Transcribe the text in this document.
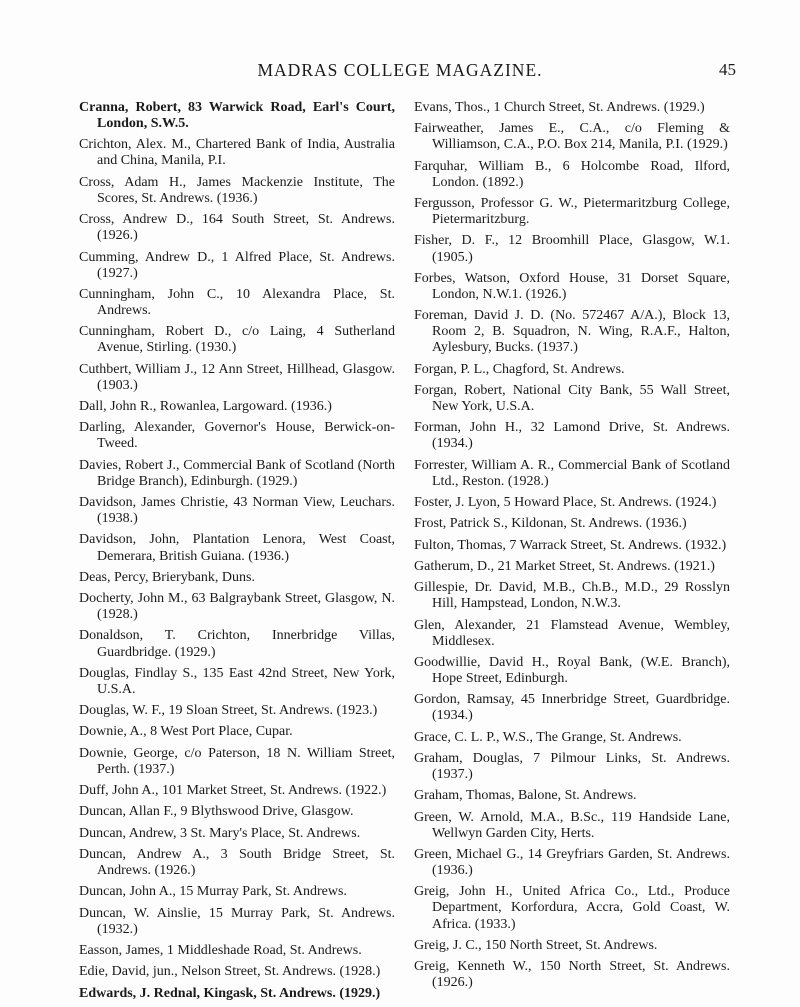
MADRAS COLLEGE MAGAZINE.	45

Cranna, Robert, 83 Warwick Road, Earl's Court, London, S.W.5.

Crichton, Alex. M., Chartered Bank of India, Australia and China, Manila, P.I.

Cross, Adam H., James Mackenzie Institute, The Scores, St. Andrews. (1936.)

Cross, Andrew D., 164 South Street, St. Andrews. (1926.)

Cumming, Andrew D., 1 Alfred Place, St. Andrews. (1927.)

Cunningham, John C., 10 Alexandra Place, St. Andrews.

Cunningham, Robert D., c/o Laing, 4 Sutherland Avenue, Stirling. (1930.)

Cuthbert, William J., 12 Ann Street, Hillhead, Glasgow. (1903.)

Dall, John R., Rowanlea, Largoward. (1936.)

Darling, Alexander, Governor's House, Berwick-on-Tweed.

Davies, Robert J., Commercial Bank of Scotland (North Bridge Branch), Edinburgh. (1929.)

Davidson, James Christie, 43 Norman View, Leuchars. (1938.)

Davidson, John, Plantation Lenora, West Coast, Demerara, British Guiana. (1936.)

Deas, Percy, Brierybank, Duns.

Docherty, John M., 63 Balgraybank Street, Glasgow, N. (1928.)

Donaldson, T. Crichton, Innerbridge Villas, Guardbridge. (1929.)

Douglas, Findlay S., 135 East 42nd Street, New York, U.S.A.

Douglas, W. F., 19 Sloan Street, St. Andrews. (1923.)

Downie, A., 8 West Port Place, Cupar.

Downie, George, c/o Paterson, 18 N. William Street, Perth. (1937.)

Duff, John A., 101 Market Street, St. Andrews. (1922.)

Duncan, Allan F., 9 Blythswood Drive, Glasgow.

Duncan, Andrew, 3 St. Mary's Place, St. Andrews.

Duncan, Andrew A., 3 South Bridge Street, St. Andrews. (1926.)

Duncan, John A., 15 Murray Park, St. Andrews.

Duncan, W. Ainslie, 15 Murray Park, St. Andrews. (1932.)

Easson, James, 1 Middleshade Road, St. Andrews.

Edie, David, jun., Nelson Street, St. Andrews. (1928.)

Edwards, J. Rednal, Kingask, St. Andrews. (1929.)

Evans, Thos., 1 Church Street, St. Andrews. (1929.)

Fairweather, James E., C.A., c/o Fleming & Williamson, C.A., P.O. Box 214, Manila, P.I. (1929.)

Farquhar, William B., 6 Holcombe Road, Ilford, London. (1892.)

Fergusson, Professor G. W., Pietermaritzburg College, Pietermaritzburg.

Fisher, D. F., 12 Broomhill Place, Glasgow, W.1. (1905.)

Forbes, Watson, Oxford House, 31 Dorset Square, London, N.W.1. (1926.)

Foreman, David J. D. (No. 572467 A/A.), Block 13, Room 2, B. Squadron, N. Wing, R.A.F., Halton, Aylesbury, Bucks. (1937.)

Forgan, P. L., Chagford, St. Andrews.

Forgan, Robert, National City Bank, 55 Wall Street, New York, U.S.A.

Forman, John H., 32 Lamond Drive, St. Andrews. (1934.)

Forrester, William A. R., Commercial Bank of Scotland Ltd., Reston. (1928.)

Foster, J. Lyon, 5 Howard Place, St. Andrews. (1924.)

Frost, Patrick S., Kildonan, St. Andrews. (1936.)

Fulton, Thomas, 7 Warrack Street, St. Andrews. (1932.)

Gatherum, D., 21 Market Street, St. Andrews. (1921.)

Gillespie, Dr. David, M.B., Ch.B., M.D., 29 Rosslyn Hill, Hampstead, London, N.W.3.

Glen, Alexander, 21 Flamstead Avenue, Wembley, Middlesex.

Goodwillie, David H., Royal Bank, (W.E. Branch), Hope Street, Edinburgh.

Gordon, Ramsay, 45 Innerbridge Street, Guardbridge. (1934.)

Grace, C. L. P., W.S., The Grange, St. Andrews.

Graham, Douglas, 7 Pilmour Links, St. Andrews. (1937.)

Graham, Thomas, Balone, St. Andrews.

Green, W. Arnold, M.A., B.Sc., 119 Handside Lane, Wellwyn Garden City, Herts.

Green, Michael G., 14 Greyfriars Garden, St. Andrews. (1936.)

Greig, John H., United Africa Co., Ltd., Produce Department, Korfordura, Accra, Gold Coast, W. Africa. (1933.)

Greig, J. C., 150 North Street, St. Andrews.

Greig, Kenneth W., 150 North Street, St. Andrews. (1926.)
